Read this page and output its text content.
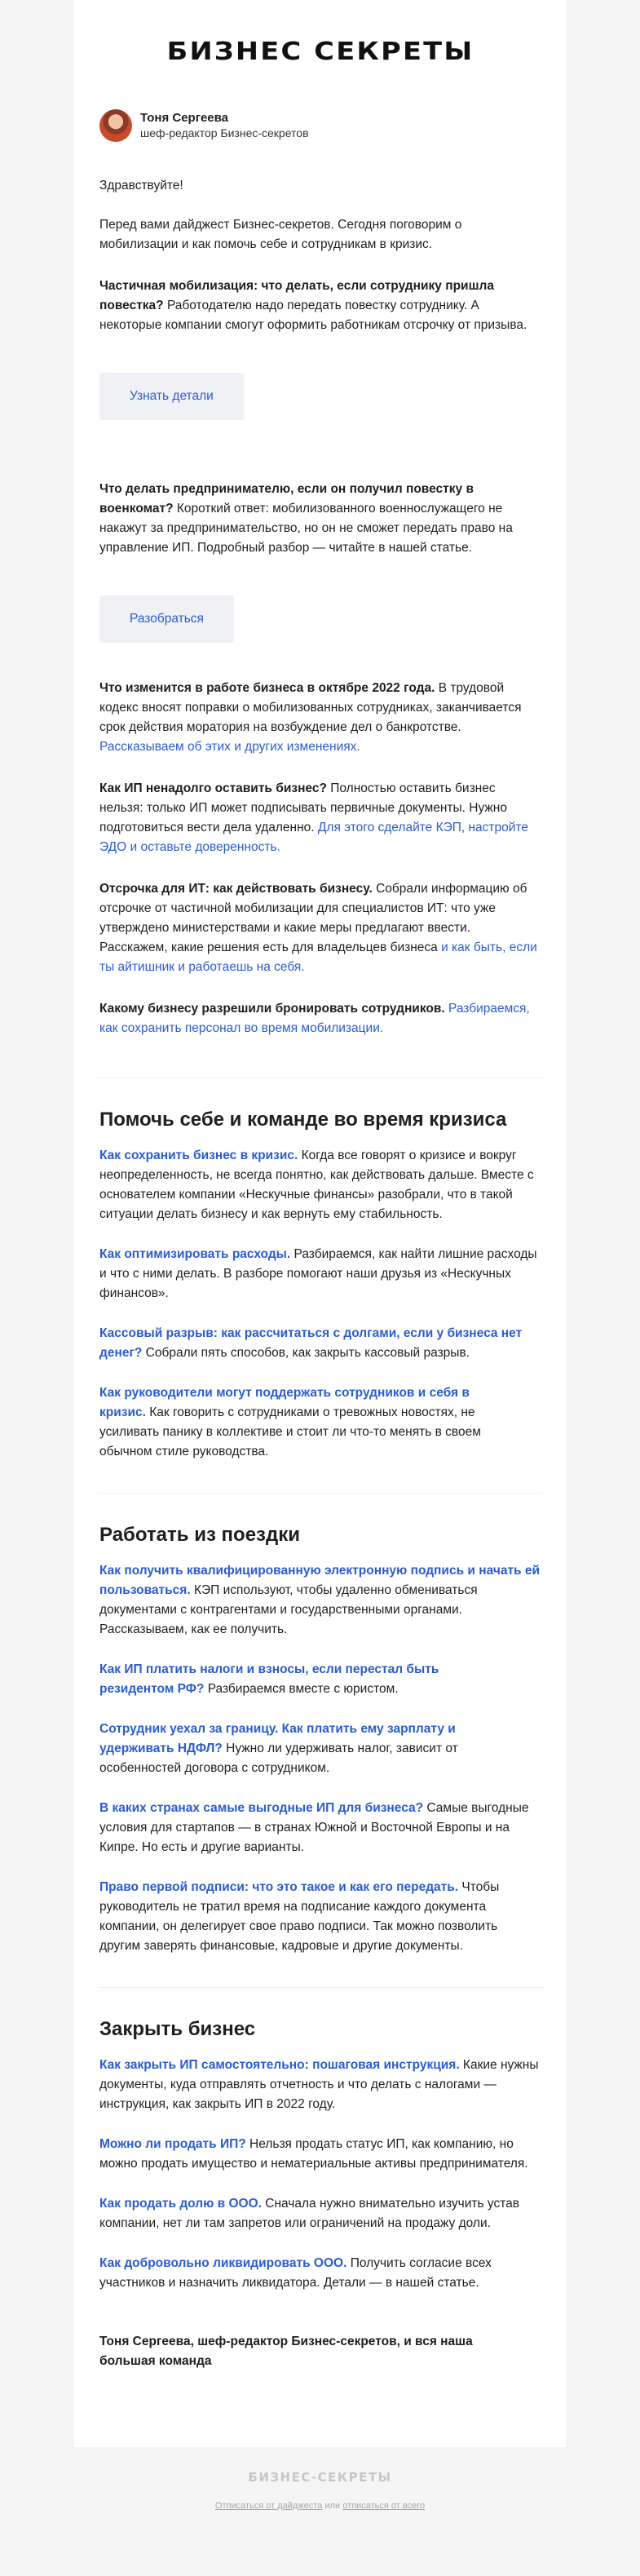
БИЗНЕС СЕКРЕТЫ
Тоня Сергеева
шеф-редактор Бизнес-секретов

Здравствуйте!

Перед вами дайджест Бизнес-секретов. Сегодня поговорим о мобилизации и как помочь себе и сотрудникам в кризис.

Частичная мобилизация: что делать, если сотруднику пришла повестка? Работодателю надо передать повестку сотруднику. А некоторые компании смогут оформить работникам отсрочку от призыва.

Узнать детали

Что делать предпринимателю, если он получил повестку в военкомат? Короткий ответ: мобилизованного военнослужащего не накажут за предпринимательство, но он не сможет передать право на управление ИП. Подробный разбор — читайте в нашей статье.

Разобраться

Что изменится в работе бизнеса в октябре 2022 года. В трудовой кодекс вносят поправки о мобилизованных сотрудниках, заканчивается срок действия моратория на возбуждение дел о банкротстве. Рассказываем об этих и других изменениях.

Как ИП ненадолго оставить бизнес? Полностью оставить бизнес нельзя: только ИП может подписывать первичные документы. Нужно подготовиться вести дела удаленно. Для этого сделайте КЭП, настройте ЭДО и оставьте доверенность.

Отсрочка для ИТ: как действовать бизнесу. Собрали информацию об отсрочке от частичной мобилизации для специалистов ИТ: что уже утверждено министерствами и какие меры предлагают ввести. Расскажем, какие решения есть для владельцев бизнеса и как быть, если ты айтишник и работаешь на себя.

Какому бизнесу разрешили бронировать сотрудников. Разбираемся, как сохранить персонал во время мобилизации.

Помочь себе и команде во время кризиса

Как сохранить бизнес в кризис. Когда все говорят о кризисе и вокруг неопределенность, не всегда понятно, как действовать дальше. Вместе с основателем компании «Нескучные финансы» разобрали, что в такой ситуации делать бизнесу и как вернуть ему стабильность.

Как оптимизировать расходы. Разбираемся, как найти лишние расходы и что с ними делать. В разборе помогают наши друзья из «Нескучных финансов».

Кассовый разрыв: как рассчитаться с долгами, если у бизнеса нет денег? Собрали пять способов, как закрыть кассовый разрыв.

Как руководители могут поддержать сотрудников и себя в кризис. Как говорить с сотрудниками о тревожных новостях, не усиливать панику в коллективе и стоит ли что-то менять в своем обычном стиле руководства.

Работать из поездки

Как получить квалифицированную электронную подпись и начать ей пользоваться. КЭП используют, чтобы удаленно обмениваться документами с контрагентами и государственными органами. Рассказываем, как ее получить.

Как ИП платить налоги и взносы, если перестал быть резидентом РФ? Разбираемся вместе с юристом.

Сотрудник уехал за границу. Как платить ему зарплату и удерживать НДФЛ? Нужно ли удерживать налог, зависит от особенностей договора с сотрудником.

В каких странах самые выгодные ИП для бизнеса? Самые выгодные условия для стартапов — в странах Южной и Восточной Европы и на Кипре. Но есть и другие варианты.

Право первой подписи: что это такое и как его передать. Чтобы руководитель не тратил время на подписание каждого документа компании, он делегирует свое право подписи. Так можно позволить другим заверять финансовые, кадровые и другие документы.

Закрыть бизнес

Как закрыть ИП самостоятельно: пошаговая инструкция. Какие нужны документы, куда отправлять отчетность и что делать с налогами — инструкция, как закрыть ИП в 2022 году.

Можно ли продать ИП? Нельзя продать статус ИП, как компанию, но можно продать имущество и нематериальные активы предпринимателя.

Как продать долю в ООО. Сначала нужно внимательно изучить устав компании, нет ли там запретов или ограничений на продажу доли.

Как добровольно ликвидировать ООО. Получить согласие всех участников и назначить ликвидатора. Детали — в нашей статье.

Тоня Сергеева, шеф-редактор Бизнес-секретов, и вся наша большая команда

БИЗНЕС-СЕКРЕТЫ
Отписаться от дайджеста или отписаться от всего
